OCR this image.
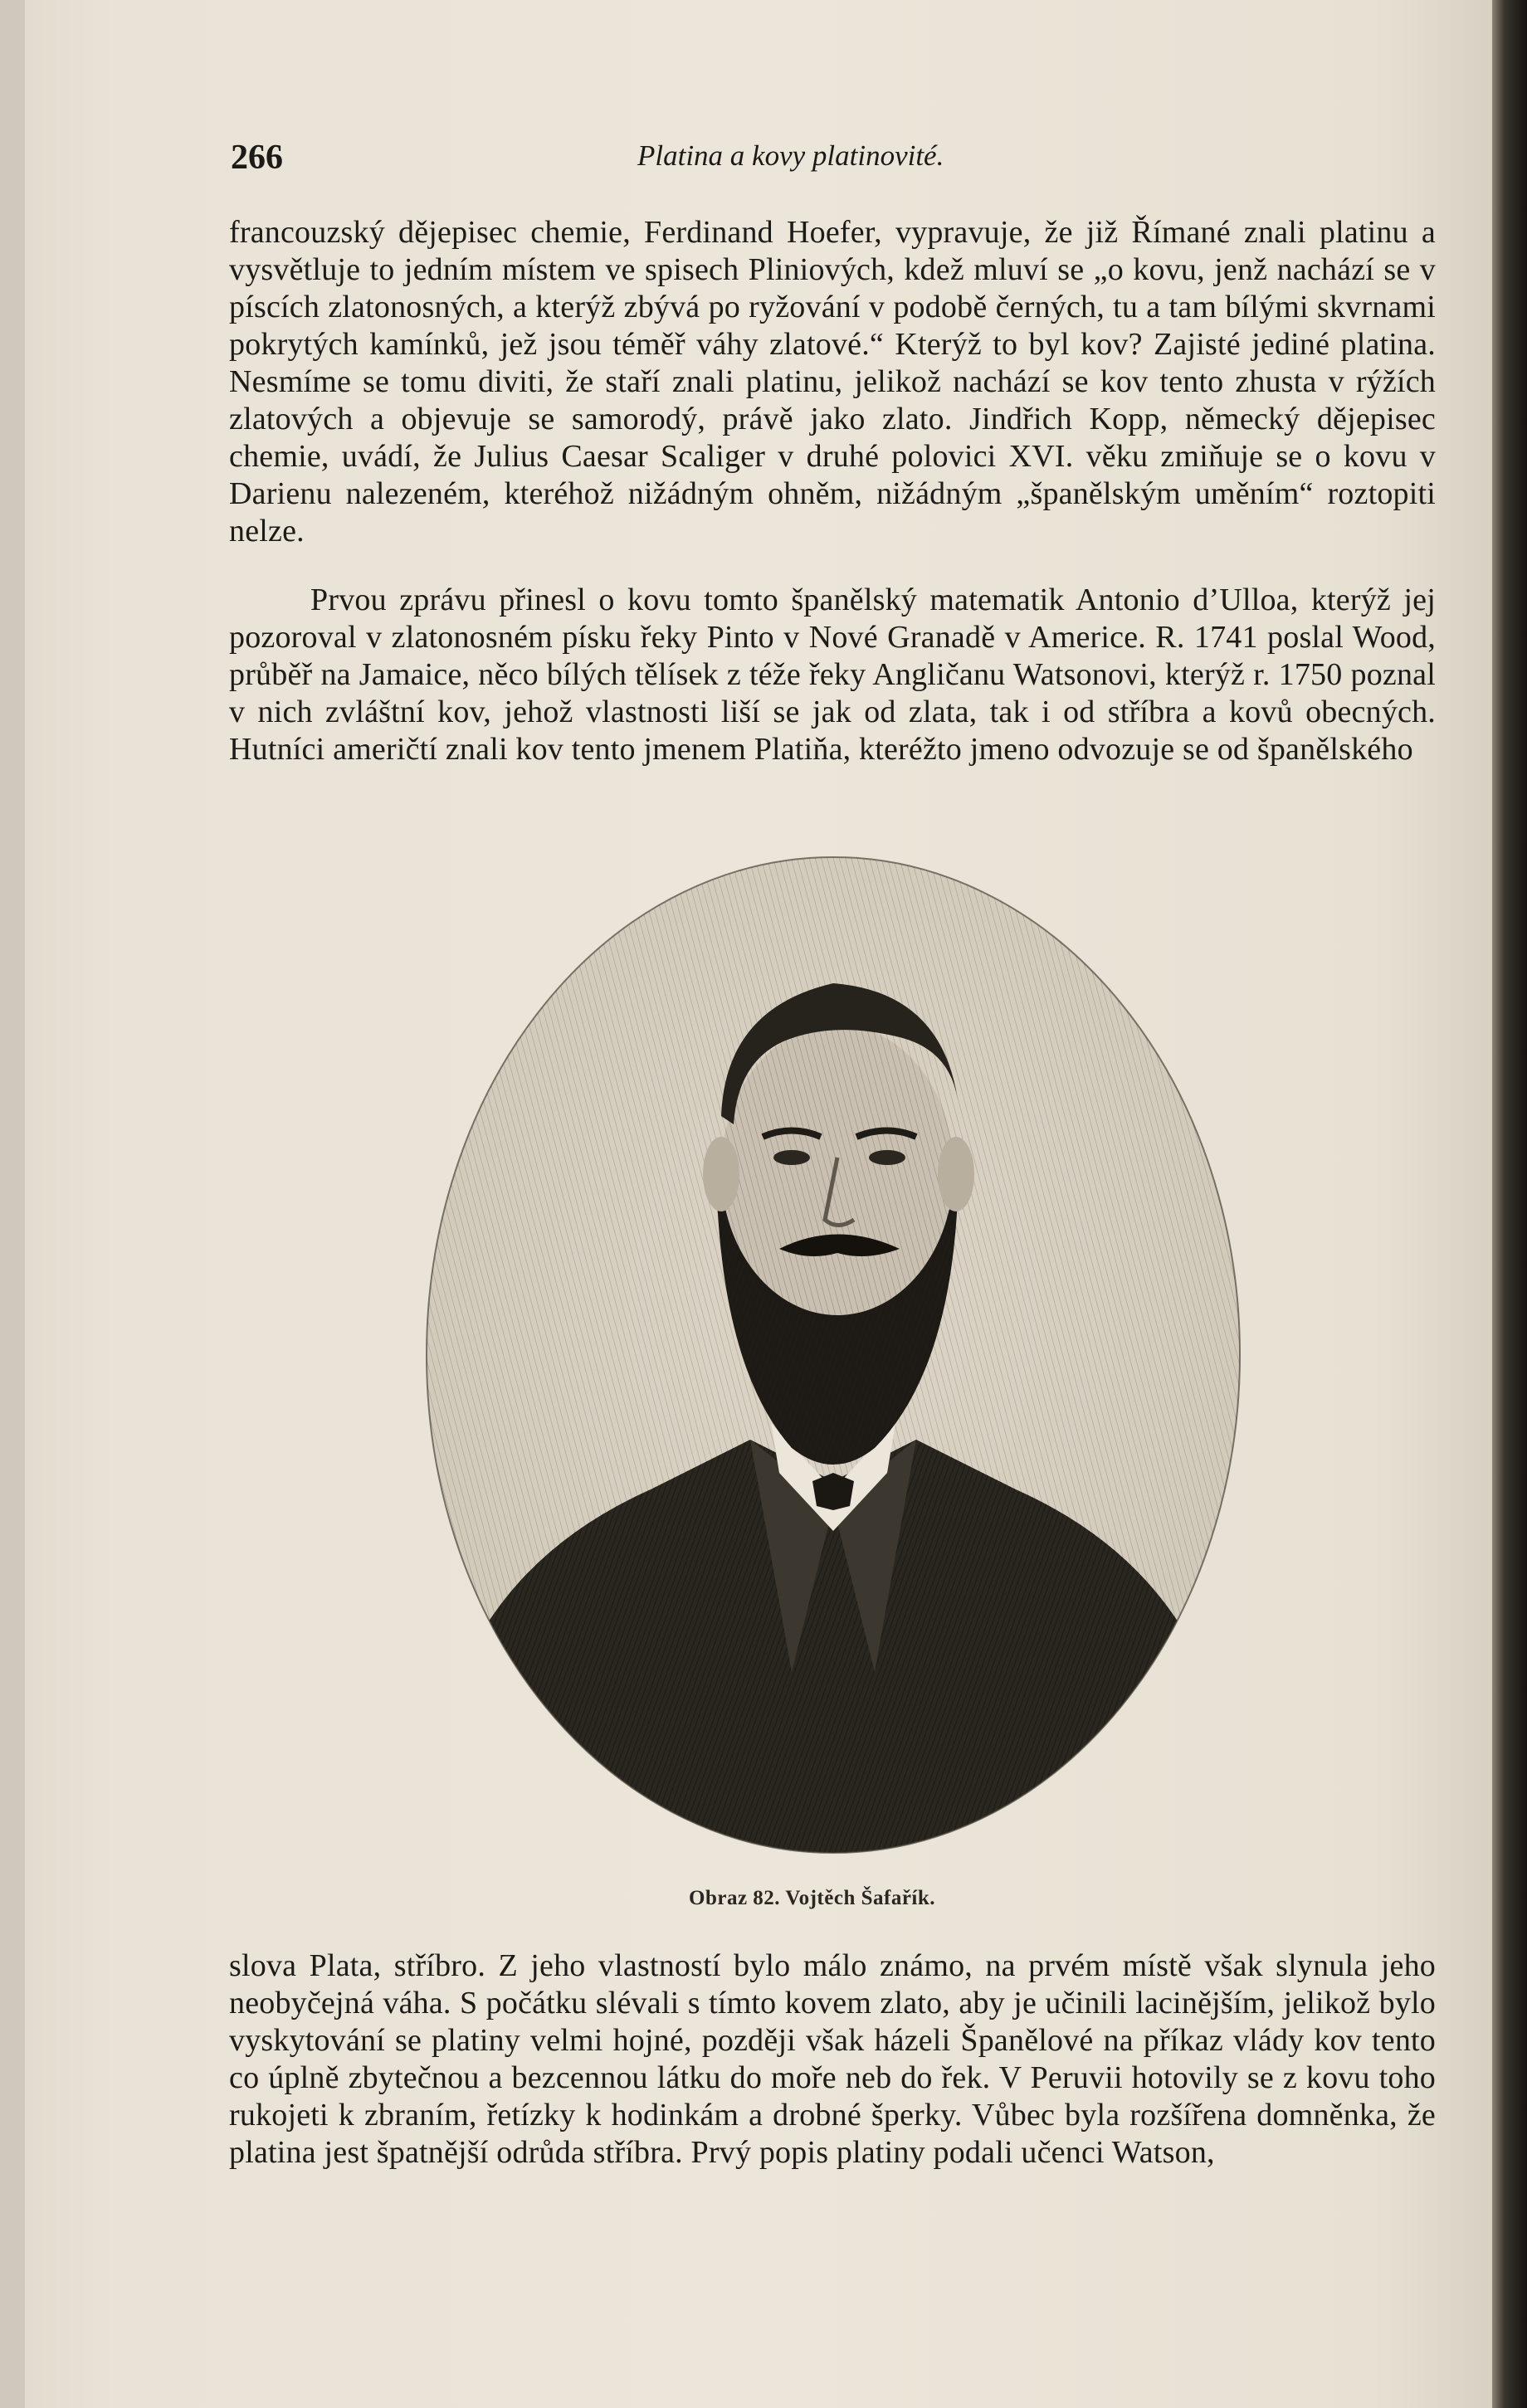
266	Platina a kovy platinovité.

francouzský dějepisec chemie, Ferdinand Hoefer, vypravuje, že již Římané znali platinu a vysvětluje to jedním místem ve spisech Pliniových, kdež mluví se „o kovu, jenž nachází se v píscích zlatonosných, a kterýž zbývá po ryžování v podobě černých, tu a tam bílými skvrnami pokrytých kamínků, jež jsou téměř váhy zlatové.“ Kterýž to byl kov? Zajisté jediné platina. Nesmíme se tomu diviti, že staří znali platinu, jelikož nachází se kov tento zhusta v rýžích zlatových a objevuje se samorodý, právě jako zlato. Jindřich Kopp, německý dějepisec chemie, uvádí, že Julius Caesar Scaliger v druhé polovici XVI. věku zmiňuje se o kovu v Darienu nalezeném, kteréhož nižádným ohněm, nižádným „španělským uměním“ roztopiti nelze.

Prvou zprávu přinesl o kovu tomto španělský matematik Antonio d’Ulloa, kterýž jej pozoroval v zlatonosném písku řeky Pinto v Nové Granadě v Americe. R. 1741 poslal Wood, průběř na Jamaice, něco bílých tělísek z téže řeky Angličanu Watsonovi, kterýž r. 1750 poznal v nich zvláštní kov, jehož vlastnosti liší se jak od zlata, tak i od stříbra a kovů obecných. Hutníci američtí znali kov tento jmenem Platiňa, kteréžto jmeno odvozuje se od španělského

Obraz 82. Vojtěch Šafařík.

slova Plata, stříbro. Z jeho vlastností bylo málo známo, na prvém místě však slynula jeho neobyčejná váha. S počátku slévali s tímto kovem zlato, aby je učinili lacinějším, jelikož bylo vyskytování se platiny velmi hojné, později však házeli Španělové na příkaz vlády kov tento co úplně zbytečnou a bezcennou látku do moře neb do řek. V Peruvii hotovily se z kovu toho rukojeti k zbraním, řetízky k hodinkám a drobné šperky. Vůbec byla rozšířena domněnka, že platina jest špatnější odrůda stříbra. Prvý popis platiny podali učenci Watson,
